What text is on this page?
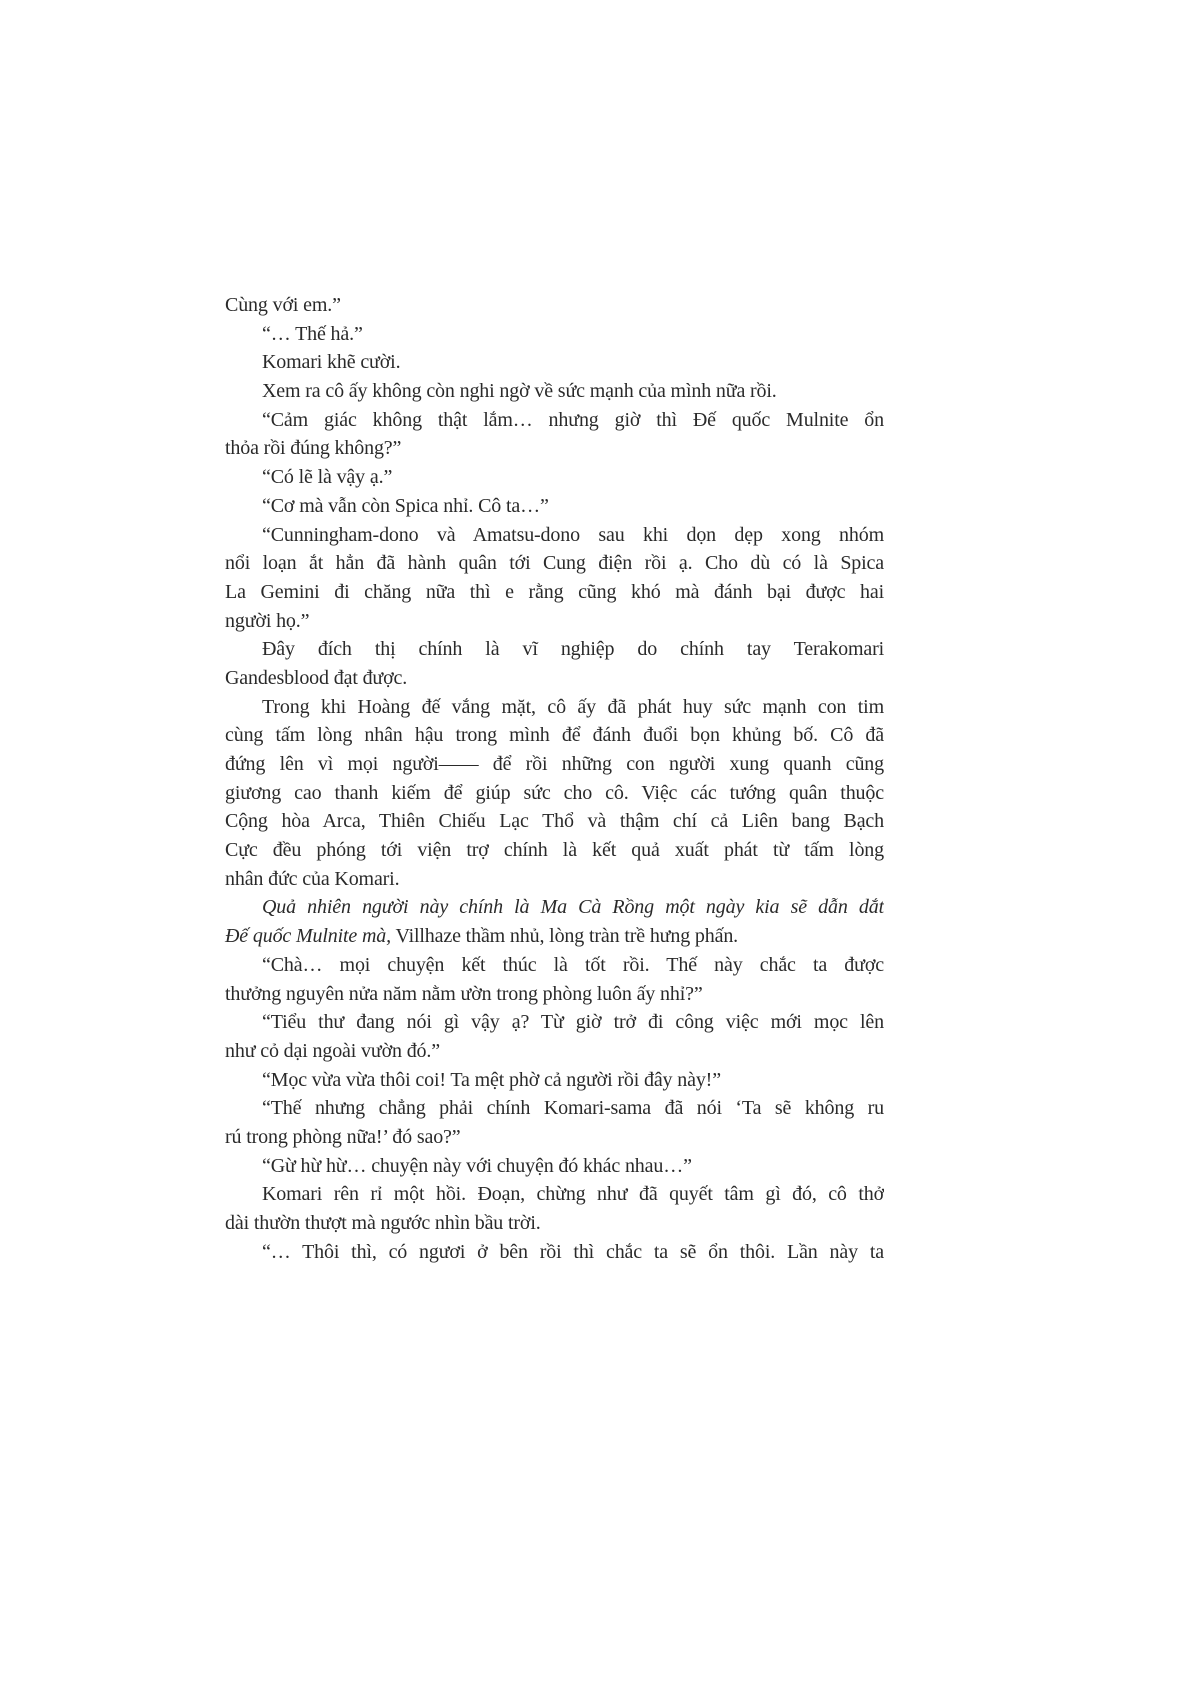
Cùng với em.”
“… Thế hả.”
Komari khẽ cười.
Xem ra cô ấy không còn nghi ngờ về sức mạnh của mình nữa rồi.
“Cảm giác không thật lắm… nhưng giờ thì Đế quốc Mulnite ổn
thỏa rồi đúng không?”
“Có lẽ là vậy ạ.”
“Cơ mà vẫn còn Spica nhỉ. Cô ta…”
“Cunningham-dono và Amatsu-dono sau khi dọn dẹp xong nhóm
nổi loạn ắt hẳn đã hành quân tới Cung điện rồi ạ. Cho dù có là Spica
La Gemini đi chăng nữa thì e rằng cũng khó mà đánh bại được hai
người họ.”
Đây đích thị chính là vĩ nghiệp do chính tay Terakomari
Gandesblood đạt được.
Trong khi Hoàng đế vắng mặt, cô ấy đã phát huy sức mạnh con tim
cùng tấm lòng nhân hậu trong mình để đánh đuổi bọn khủng bố. Cô đã
đứng lên vì mọi người—— để rồi những con người xung quanh cũng
giương cao thanh kiếm để giúp sức cho cô. Việc các tướng quân thuộc
Cộng hòa Arca, Thiên Chiếu Lạc Thổ và thậm chí cả Liên bang Bạch
Cực đều phóng tới viện trợ chính là kết quả xuất phát từ tấm lòng
nhân đức của Komari.
Quả nhiên người này chính là Ma Cà Rồng một ngày kia sẽ dẫn dắt
Đế quốc Mulnite mà, Villhaze thầm nhủ, lòng tràn trề hưng phấn.
“Chà… mọi chuyện kết thúc là tốt rồi. Thế này chắc ta được
thưởng nguyên nửa năm nằm ườn trong phòng luôn ấy nhỉ?”
“Tiểu thư đang nói gì vậy ạ? Từ giờ trở đi công việc mới mọc lên
như cỏ dại ngoài vườn đó.”
“Mọc vừa vừa thôi coi! Ta mệt phờ cả người rồi đây này!”
“Thế nhưng chẳng phải chính Komari-sama đã nói ‘Ta sẽ không ru
rú trong phòng nữa!’ đó sao?”
“Gừ hừ hừ… chuyện này với chuyện đó khác nhau…”
Komari rên rỉ một hồi. Đoạn, chừng như đã quyết tâm gì đó, cô thở
dài thườn thượt mà ngước nhìn bầu trời.
“… Thôi thì, có ngươi ở bên rồi thì chắc ta sẽ ổn thôi. Lần này ta
